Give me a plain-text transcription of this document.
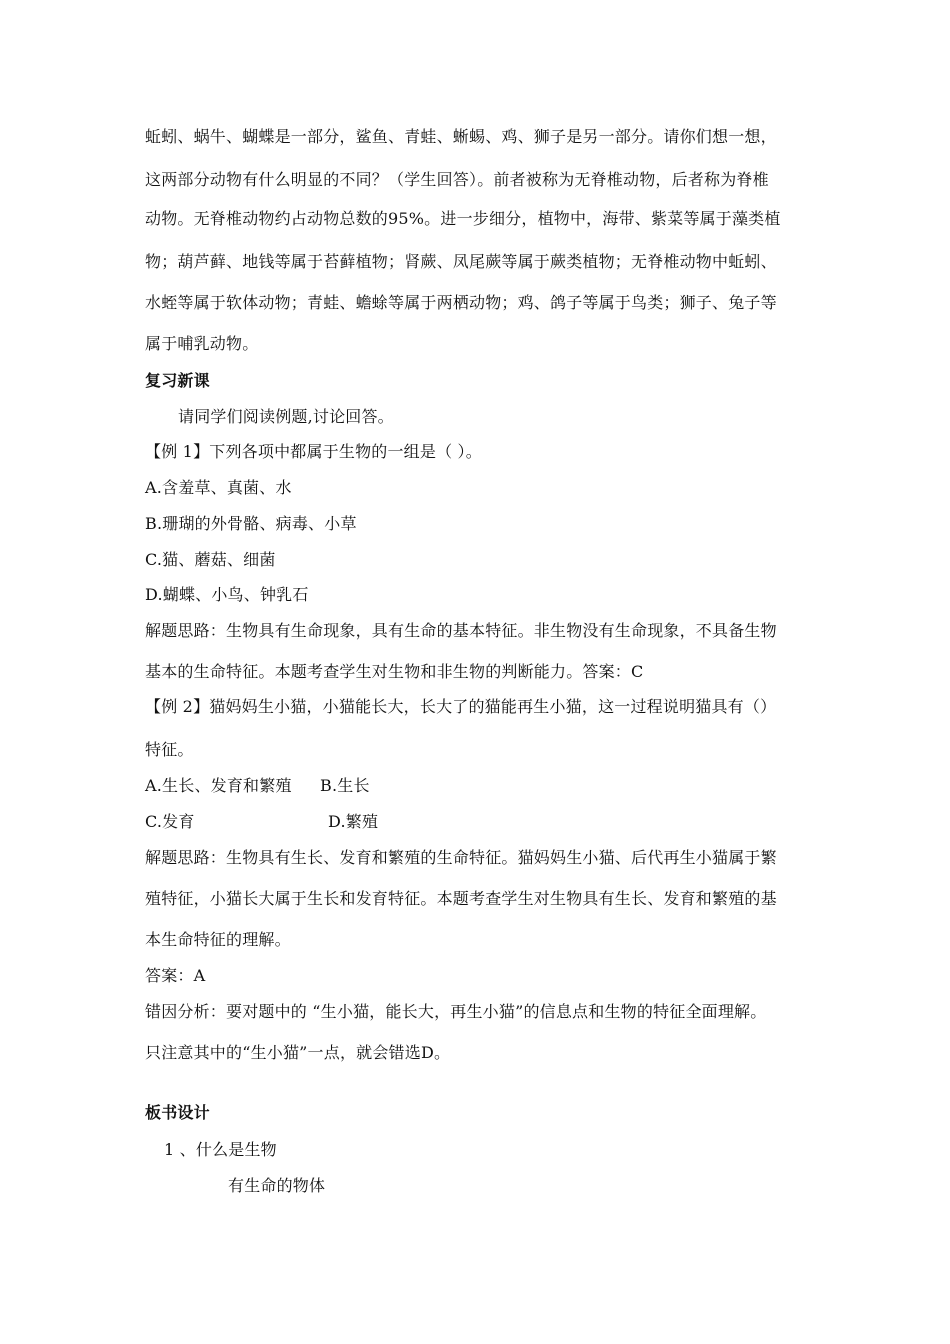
蚯蚓、蜗牛、蝴蝶是一部分，鲨鱼、青蛙、蜥蜴、鸡、狮子是另一部分。请你们想一想，
这两部分动物有什么明显的不同？（学生回答）。前者被称为无脊椎动物，后者称为脊椎
动物。无脊椎动物约占动物总数的95%。进一步细分，植物中，海带、紫菜等属于藻类植
物；葫芦藓、地钱等属于苔藓植物；肾蕨、凤尾蕨等属于蕨类植物；无脊椎动物中蚯蚓、
水蛭等属于软体动物；青蛙、蟾蜍等属于两栖动物；鸡、鸽子等属于鸟类；狮子、兔子等
属于哺乳动物。
复习新课
请同学们阅读例题,讨论回答。
【例 1】下列各项中都属于生物的一组是（ ）。
A.含羞草、真菌、水
B.珊瑚的外骨骼、病毒、小草
C.猫、蘑菇、细菌
D.蝴蝶、小鸟、钟乳石
解题思路：生物具有生命现象，具有生命的基本特征。非生物没有生命现象，不具备生物
基本的生命特征。本题考查学生对生物和非生物的判断能力。答案：C
【例 2】猫妈妈生小猫，小猫能长大，长大了的猫能再生小猫，这一过程说明猫具有（）
特征。
A.生长、发育和繁殖 B.生长
C.发育	D.繁殖
解题思路：生物具有生长、发育和繁殖的生命特征。猫妈妈生小猫、后代再生小猫属于繁
殖特征，小猫长大属于生长和发育特征。本题考查学生对生物具有生长、发育和繁殖的基
本生命特征的理解。
答案：A
错因分析：要对题中的 “生小猫，能长大，再生小猫”的信息点和生物的特征全面理解。
只注意其中的“生小猫”一点，就会错选D。
板书设计
1 、什么是生物
有生命的物体
